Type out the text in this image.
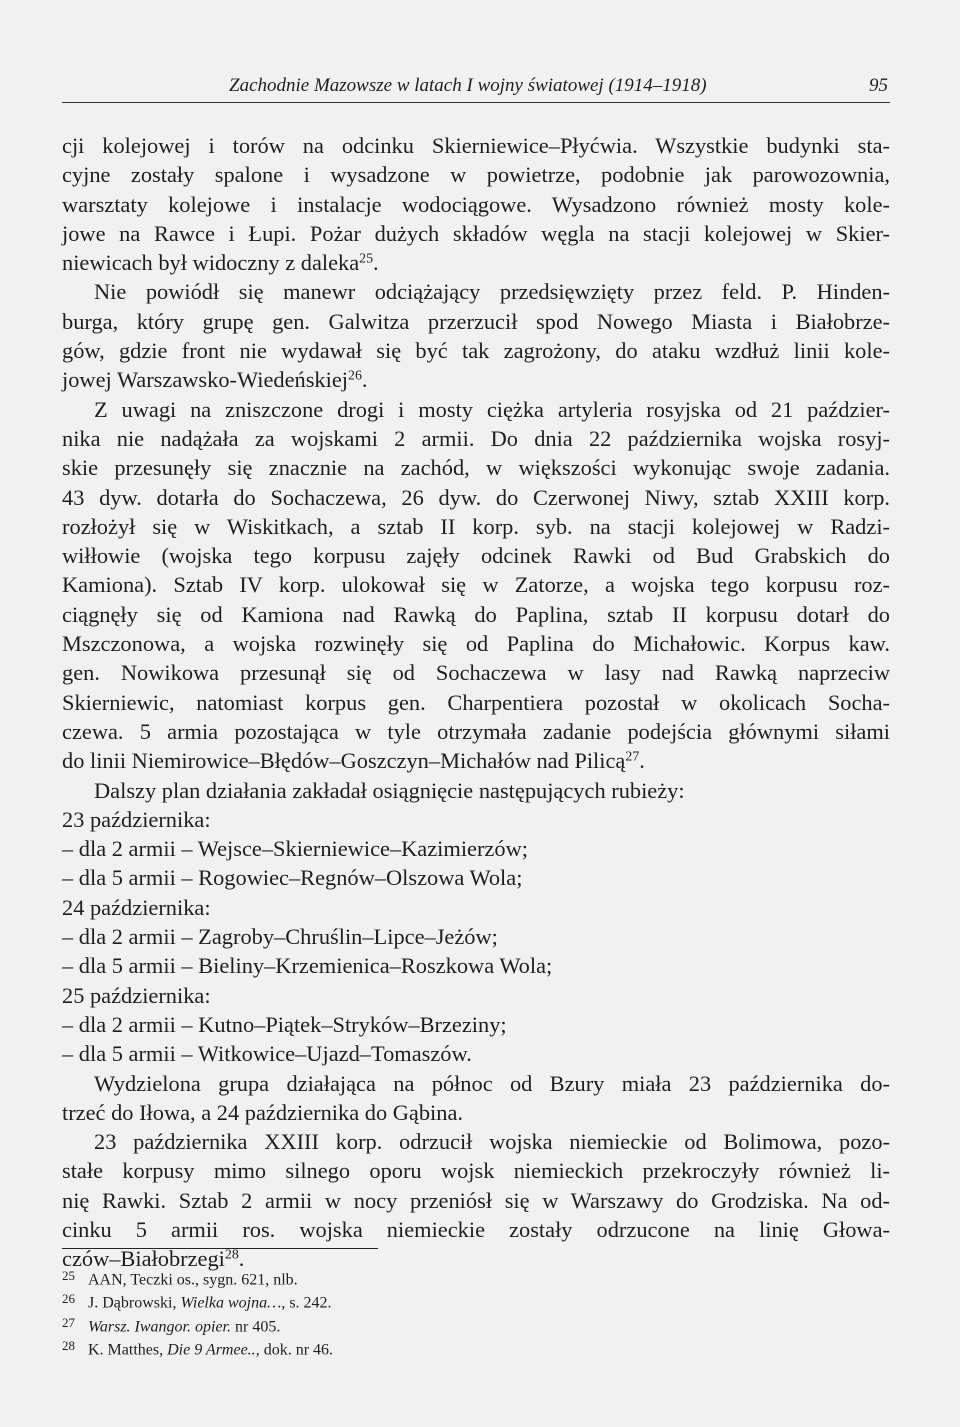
Zachodnie Mazowsze w latach I wojny światowej (1914–1918)	95
cji kolejowej i torów na odcinku Skierniewice–Płyćwia. Wszystkie budynki sta-
cyjne zostały spalone i wysadzone w powietrze, podobnie jak parowozownia,
warsztaty kolejowe i instalacje wodociągowe. Wysadzono również mosty kole-
jowe na Rawce i Łupi. Pożar dużych składów węgla na stacji kolejowej w Skier-
niewicach był widoczny z daleka$^{25}$.
Nie powiódł się manewr odciążający przedsięwzięty przez feld. P. Hinden-
burga, który grupę gen. Galwitza przerzucił spod Nowego Miasta i Białobrze-
gów, gdzie front nie wydawał się być tak zagrożony, do ataku wzdłuż linii kole-
jowej Warszawsko-Wiedeńskiej$^{26}$.
Z uwagi na zniszczone drogi i mosty ciężka artyleria rosyjska od 21 paździer-
nika nie nadążała za wojskami 2 armii. Do dnia 22 października wojska rosyj-
skie przesunęły się znacznie na zachód, w większości wykonując swoje zadania.
43 dyw. dotarła do Sochaczewa, 26 dyw. do Czerwonej Niwy, sztab XXIII korp.
rozłożył się w Wiskitkach, a sztab II korp. syb. na stacji kolejowej w Radzi-
wiłłowie (wojska tego korpusu zajęły odcinek Rawki od Bud Grabskich do
Kamiona). Sztab IV korp. ulokował się w Zatorze, a wojska tego korpusu roz-
ciągnęły się od Kamiona nad Rawką do Paplina, sztab II korpusu dotarł do
Mszczonowa, a wojska rozwinęły się od Paplina do Michałowic. Korpus kaw.
gen. Nowikowa przesunął się od Sochaczewa w lasy nad Rawką naprzeciw
Skierniewic, natomiast korpus gen. Charpentiera pozostał w okolicach Socha-
czewa. 5 armia pozostająca w tyle otrzymała zadanie podejścia głównymi siłami
do linii Niemirowice–Błędów–Goszczyn–Michałów nad Pilicą$^{27}$.
Dalszy plan działania zakładał osiągnięcie następujących rubieży:
23 października:
– dla 2 armii – Wejsce–Skierniewice–Kazimierzów;
– dla 5 armii – Rogowiec–Regnów–Olszowa Wola;
24 października:
– dla 2 armii – Zagroby–Chruślin–Lipce–Jeżów;
– dla 5 armii – Bieliny–Krzemienica–Roszkowa Wola;
25 października:
– dla 2 armii – Kutno–Piątek–Stryków–Brzeziny;
– dla 5 armii – Witkowice–Ujazd–Tomaszów.
Wydzielona grupa działająca na północ od Bzury miała 23 października do-
trzeć do Iłowa, a 24 października do Gąbina.
23 października XXIII korp. odrzucił wojska niemieckie od Bolimowa, pozo-
stałe korpusy mimo silnego oporu wojsk niemieckich przekroczyły również li-
nię Rawki. Sztab 2 armii w nocy przeniósł się w Warszawy do Grodziska. Na od-
cinku 5 armii ros. wojska niemieckie zostały odrzucone na linię Głowa-
czów–Białobrzegi$^{28}$.
25 AAN, Teczki os., sygn. 621, nlb.
26 J. Dąbrowski, Wielka wojna…, s. 242.
27 Warsz. Iwangor. opier. nr 405.
28 K. Matthes, Die 9 Armee.., dok. nr 46.
